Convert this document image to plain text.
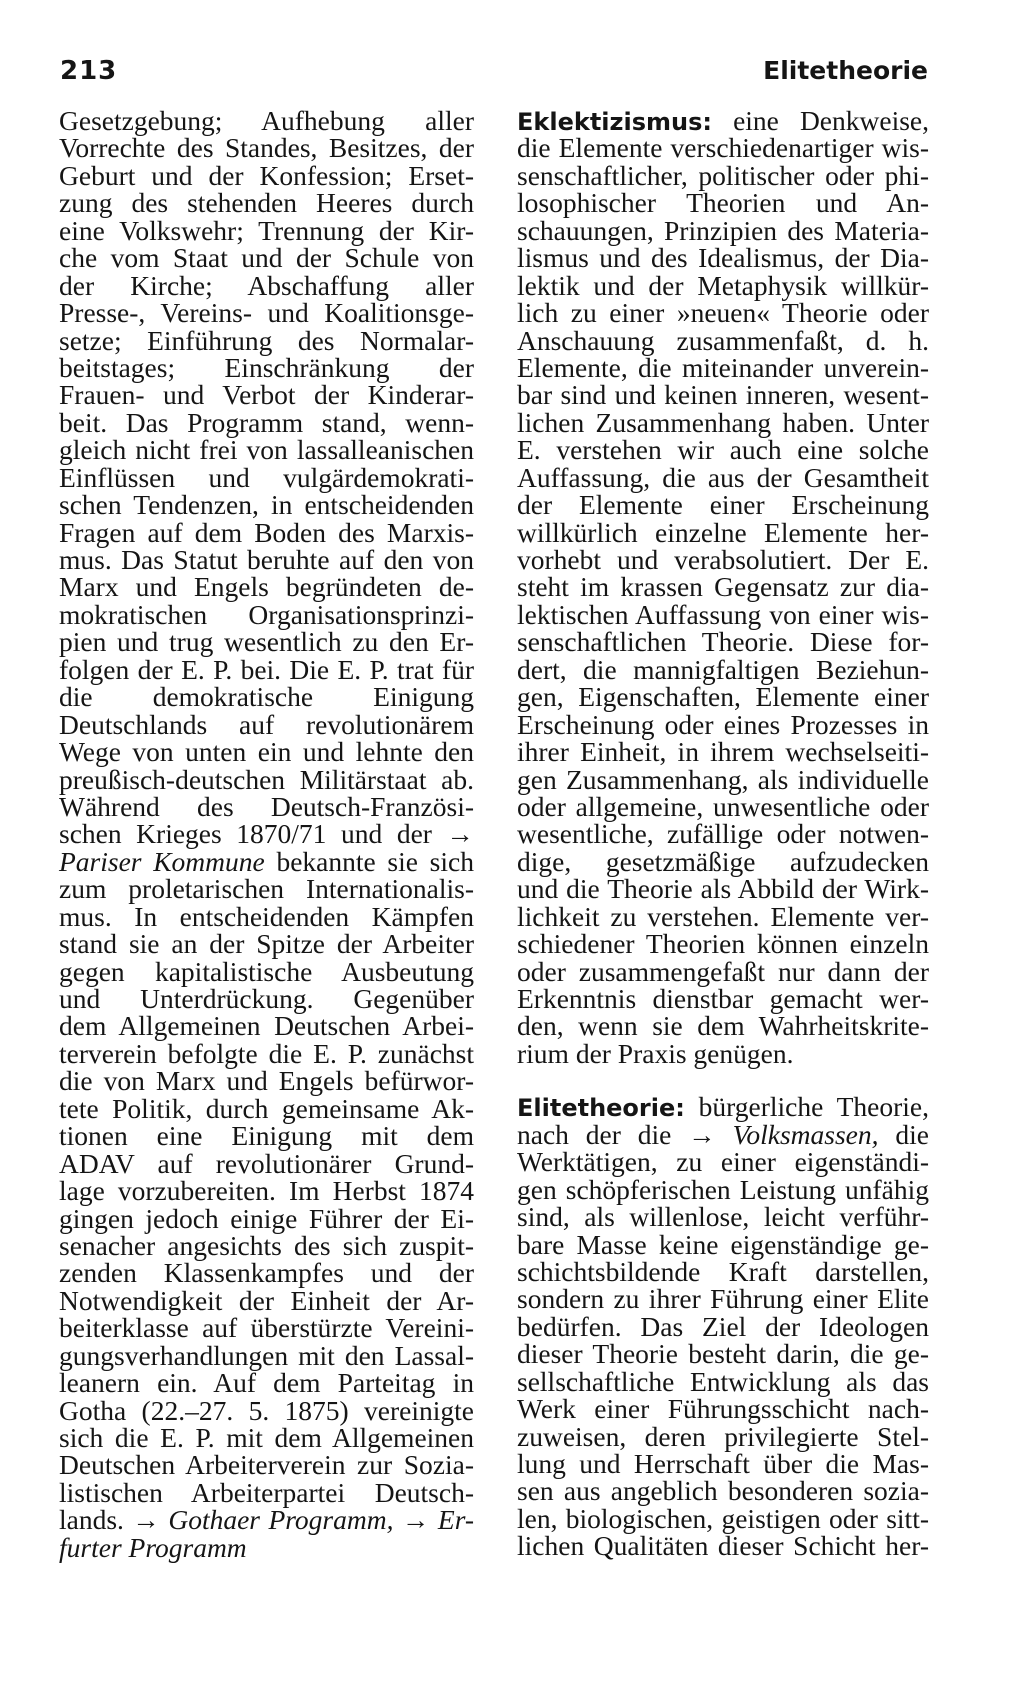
213	Elitetheorie
Gesetzgebung; Aufhebung aller
Vorrechte des Standes, Besitzes, der
Geburt und der Konfession; Erset-
zung des stehenden Heeres durch
eine Volkswehr; Trennung der Kir-
che vom Staat und der Schule von
der Kirche; Abschaffung aller
Presse-, Vereins- und Koalitionsge-
setze; Einführung des Normalar-
beitstages; Einschränkung der
Frauen- und Verbot der Kinderar-
beit. Das Programm stand, wenn-
gleich nicht frei von lassalleanischen
Einflüssen und vulgärdemokrati-
schen Tendenzen, in entscheidenden
Fragen auf dem Boden des Marxis-
mus. Das Statut beruhte auf den von
Marx und Engels begründeten de-
mokratischen Organisationsprinzi-
pien und trug wesentlich zu den Er-
folgen der E. P. bei. Die E. P. trat für
die demokratische Einigung
Deutschlands auf revolutionärem
Wege von unten ein und lehnte den
preußisch-deutschen Militärstaat ab.
Während des Deutsch-Französi-
schen Krieges 1870/71 und der →
Pariser Kommune bekannte sie sich
zum proletarischen Internationalis-
mus. In entscheidenden Kämpfen
stand sie an der Spitze der Arbeiter
gegen kapitalistische Ausbeutung
und Unterdrückung. Gegenüber
dem Allgemeinen Deutschen Arbei-
terverein befolgte die E. P. zunächst
die von Marx und Engels befürwor-
tete Politik, durch gemeinsame Ak-
tionen eine Einigung mit dem
ADAV auf revolutionärer Grund-
lage vorzubereiten. Im Herbst 1874
gingen jedoch einige Führer der Ei-
senacher angesichts des sich zuspit-
zenden Klassenkampfes und der
Notwendigkeit der Einheit der Ar-
beiterklasse auf überstürzte Vereini-
gungsverhandlungen mit den Lassal-
leanern ein. Auf dem Parteitag in
Gotha (22.–27. 5. 1875) vereinigte
sich die E. P. mit dem Allgemeinen
Deutschen Arbeiterverein zur Sozia-
listischen Arbeiterpartei Deutsch-
lands. → Gothaer Programm, → Er-
furter Programm
Eklektizismus: eine Denkweise,
die Elemente verschiedenartiger wis-
senschaftlicher, politischer oder phi-
losophischer Theorien und An-
schauungen, Prinzipien des Materia-
lismus und des Idealismus, der Dia-
lektik und der Metaphysik willkür-
lich zu einer »neuen« Theorie oder
Anschauung zusammenfaßt, d. h.
Elemente, die miteinander unverein-
bar sind und keinen inneren, wesent-
lichen Zusammenhang haben. Unter
E. verstehen wir auch eine solche
Auffassung, die aus der Gesamtheit
der Elemente einer Erscheinung
willkürlich einzelne Elemente her-
vorhebt und verabsolutiert. Der E.
steht im krassen Gegensatz zur dia-
lektischen Auffassung von einer wis-
senschaftlichen Theorie. Diese for-
dert, die mannigfaltigen Beziehun-
gen, Eigenschaften, Elemente einer
Erscheinung oder eines Prozesses in
ihrer Einheit, in ihrem wechselseiti-
gen Zusammenhang, als individuelle
oder allgemeine, unwesentliche oder
wesentliche, zufällige oder notwen-
dige, gesetzmäßige aufzudecken
und die Theorie als Abbild der Wirk-
lichkeit zu verstehen. Elemente ver-
schiedener Theorien können einzeln
oder zusammengefaßt nur dann der
Erkenntnis dienstbar gemacht wer-
den, wenn sie dem Wahrheitskrite-
rium der Praxis genügen.
Elitetheorie: bürgerliche Theorie,
nach der die → Volksmassen, die
Werktätigen, zu einer eigenständi-
gen schöpferischen Leistung unfähig
sind, als willenlose, leicht verführ-
bare Masse keine eigenständige ge-
schichtsbildende Kraft darstellen,
sondern zu ihrer Führung einer Elite
bedürfen. Das Ziel der Ideologen
dieser Theorie besteht darin, die ge-
sellschaftliche Entwicklung als das
Werk einer Führungsschicht nach-
zuweisen, deren privilegierte Stel-
lung und Herrschaft über die Mas-
sen aus angeblich besonderen sozia-
len, biologischen, geistigen oder sitt-
lichen Qualitäten dieser Schicht her-
